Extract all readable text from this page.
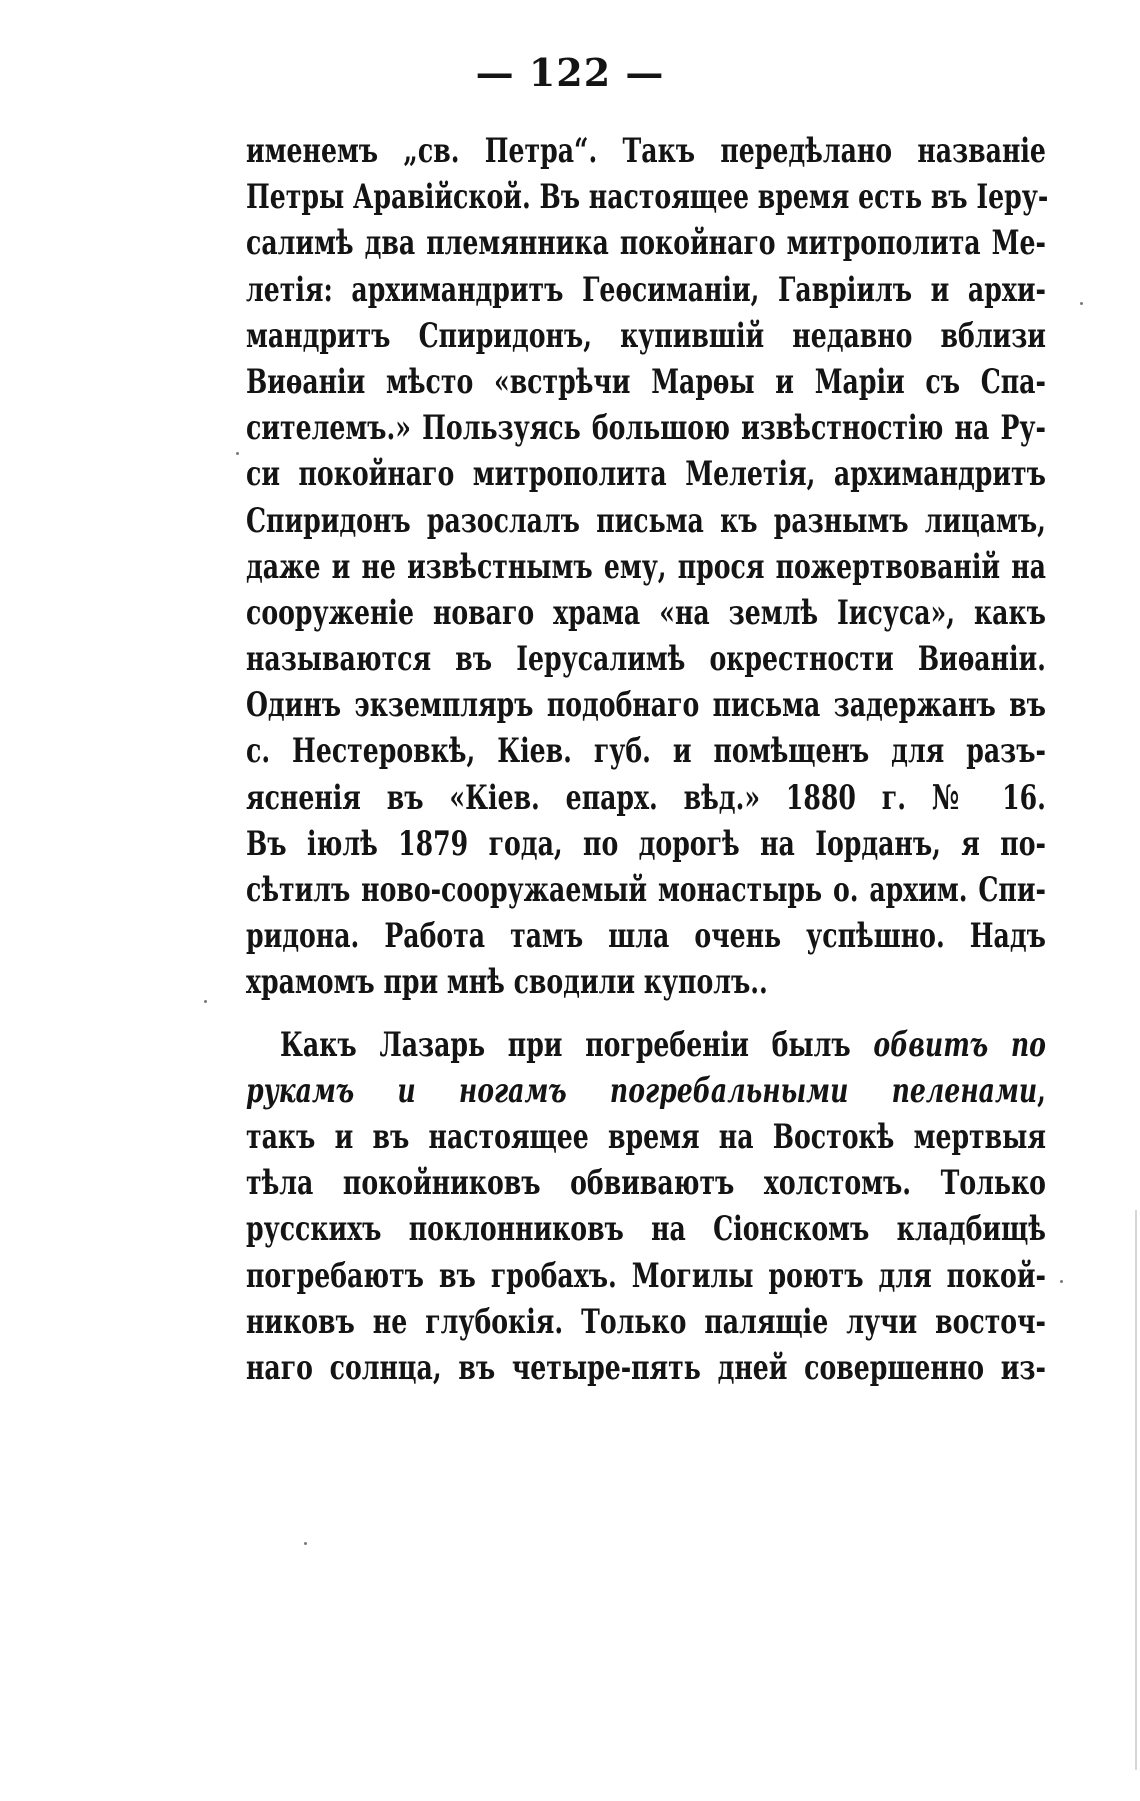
— 122 —
именемъ „св. Петра“. Такъ передѣлано названіе
Петры Аравійской. Въ настоящее время есть въ Іеру-
салимѣ два племянника покойнаго митрополита Ме-
летія: архимандритъ Геѳсиманіи, Гавріилъ и архи-
мандритъ Спиридонъ, купившій недавно вблизи
Виѳаніи мѣсто «встрѣчи Марѳы и Маріи съ Спа-
сителемъ.» Пользуясь большою извѣстностію на Ру-
си покойнаго митрополита Мелетія, архимандритъ
Спиридонъ разослалъ письма къ разнымъ лицамъ,
даже и не извѣстнымъ ему, прося пожертвованій на
сооруженіе новаго храма «на землѣ Іисуса», какъ
называются въ Іерусалимѣ окрестности Виѳаніи.
Одинъ экземпляръ подобнаго письма задержанъ въ
с. Нестеровкѣ, Кіев. губ. и помѣщенъ для разъ-
ясненія въ «Кіев. епарх. вѣд.» 1880 г. № 16.
Въ іюлѣ 1879 года, по дорогѣ на Іорданъ, я по-
сѣтилъ ново-сооружаемый монастырь о. архим. Спи-
ридона. Работа тамъ шла очень успѣшно. Надъ
храмомъ при мнѣ сводили куполъ..
Какъ Лазарь при погребеніи былъ обвитъ по
рукамъ и ногамъ погребальными пеленами,
такъ и въ настоящее время на Востокѣ мертвыя
тѣла покойниковъ обвиваютъ холстомъ. Только
русскихъ поклонниковъ на Сіонскомъ кладбищѣ
погребаютъ въ гробахъ. Могилы роютъ для покой-
никовъ не глубокія. Только палящіе лучи восточ-
наго солнца, въ четыре-пять дней совершенно из-
